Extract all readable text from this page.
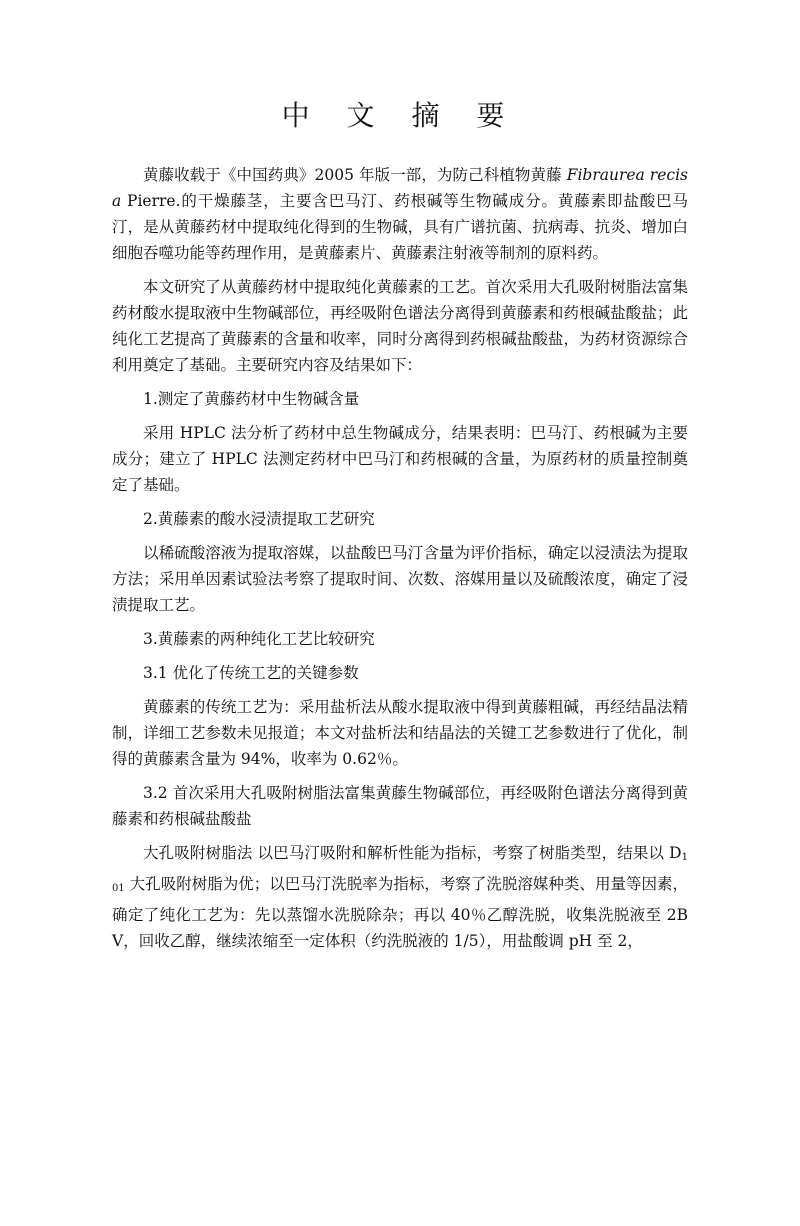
中 文 摘 要

黄藤收载于《中国药典》2005 年版一部，为防己科植物黄藤 Fibraurea recisa Pierre.的干燥藤茎，主要含巴马汀、药根碱等生物碱成分。黄藤素即盐酸巴马汀，是从黄藤药材中提取纯化得到的生物碱，具有广谱抗菌、抗病毒、抗炎、增加白细胞吞噬功能等药理作用，是黄藤素片、黄藤素注射液等制剂的原料药。

本文研究了从黄藤药材中提取纯化黄藤素的工艺。首次采用大孔吸附树脂法富集药材酸水提取液中生物碱部位，再经吸附色谱法分离得到黄藤素和药根碱盐酸盐；此纯化工艺提高了黄藤素的含量和收率，同时分离得到药根碱盐酸盐，为药材资源综合利用奠定了基础。主要研究内容及结果如下：

1.测定了黄藤药材中生物碱含量

采用 HPLC 法分析了药材中总生物碱成分，结果表明：巴马汀、药根碱为主要成分；建立了 HPLC 法测定药材中巴马汀和药根碱的含量，为原药材的质量控制奠定了基础。

2.黄藤素的酸水浸渍提取工艺研究

以稀硫酸溶液为提取溶媒，以盐酸巴马汀含量为评价指标，确定以浸渍法为提取方法；采用单因素试验法考察了提取时间、次数、溶媒用量以及硫酸浓度，确定了浸渍提取工艺。

3.黄藤素的两种纯化工艺比较研究

3.1 优化了传统工艺的关键参数

黄藤素的传统工艺为：采用盐析法从酸水提取液中得到黄藤粗碱，再经结晶法精制，详细工艺参数未见报道；本文对盐析法和结晶法的关键工艺参数进行了优化，制得的黄藤素含量为 94%，收率为 0.62％。

3.2 首次采用大孔吸附树脂法富集黄藤生物碱部位，再经吸附色谱法分离得到黄藤素和药根碱盐酸盐

大孔吸附树脂法 以巴马汀吸附和解析性能为指标，考察了树脂类型，结果以 $D_{101}$ 大孔吸附树脂为优；以巴马汀洗脱率为指标，考察了洗脱溶媒种类、用量等因素，确定了纯化工艺为：先以蒸馏水洗脱除杂；再以 40％乙醇洗脱，收集洗脱液至 2BV，回收乙醇，继续浓缩至一定体积（约洗脱液的 1/5），用盐酸调 pH 至 2，
